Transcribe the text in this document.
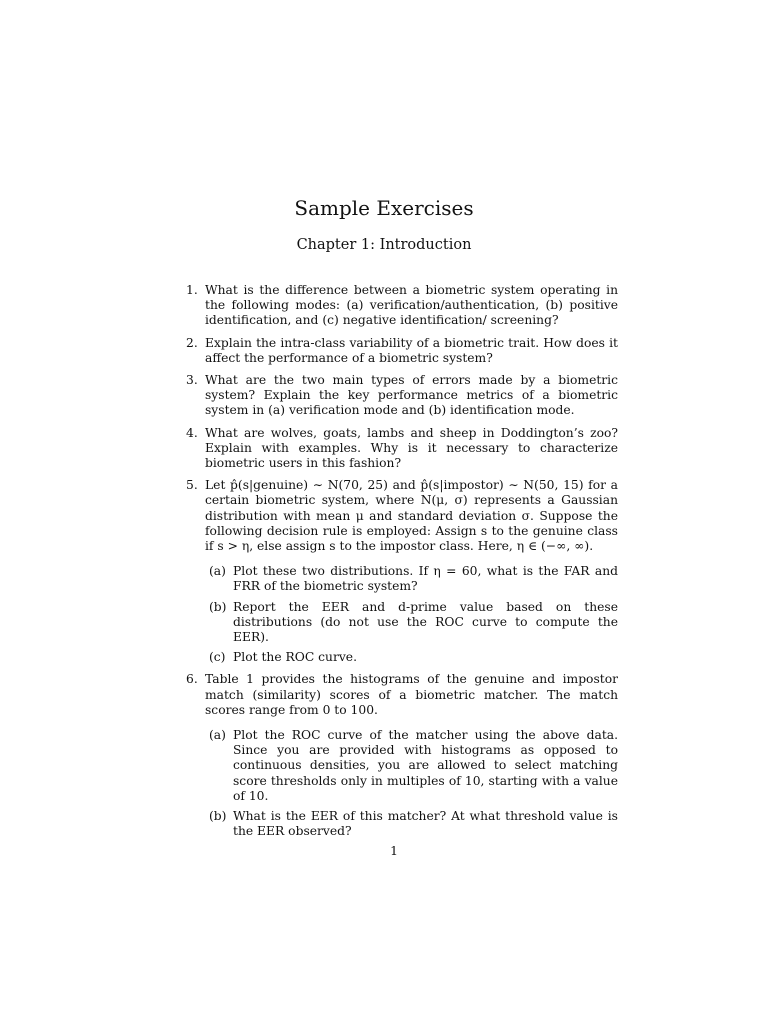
Sample Exercises
Chapter 1: Introduction
1. What is the difference between a biometric system operating in the following modes: (a) verification/authentication, (b) positive identification, and (c) negative identification/ screening?
2. Explain the intra-class variability of a biometric trait. How does it affect the performance of a biometric system?
3. What are the two main types of errors made by a biometric system? Explain the key performance metrics of a biometric system in (a) verification mode and (b) identification mode.
4. What are wolves, goats, lambs and sheep in Doddington’s zoo? Explain with examples. Why is it necessary to characterize biometric users in this fashion?
5. Let p̂(s|genuine) ∼ N(70, 25) and p̂(s|impostor) ∼ N(50, 15) for a certain biometric system, where N(μ, σ) represents a Gaussian distribution with mean μ and standard deviation σ. Suppose the following decision rule is employed: Assign s to the genuine class if s > η, else assign s to the impostor class. Here, η ∈ (−∞, ∞).
(a) Plot these two distributions. If η = 60, what is the FAR and FRR of the biometric system?
(b) Report the EER and d-prime value based on these distributions (do not use the ROC curve to compute the EER).
(c) Plot the ROC curve.
6. Table 1 provides the histograms of the genuine and impostor match (similarity) scores of a biometric matcher. The match scores range from 0 to 100.
(a) Plot the ROC curve of the matcher using the above data. Since you are provided with histograms as opposed to continuous densities, you are allowed to select matching score thresholds only in multiples of 10, starting with a value of 10.
(b) What is the EER of this matcher? At what threshold value is the EER observed?
1
